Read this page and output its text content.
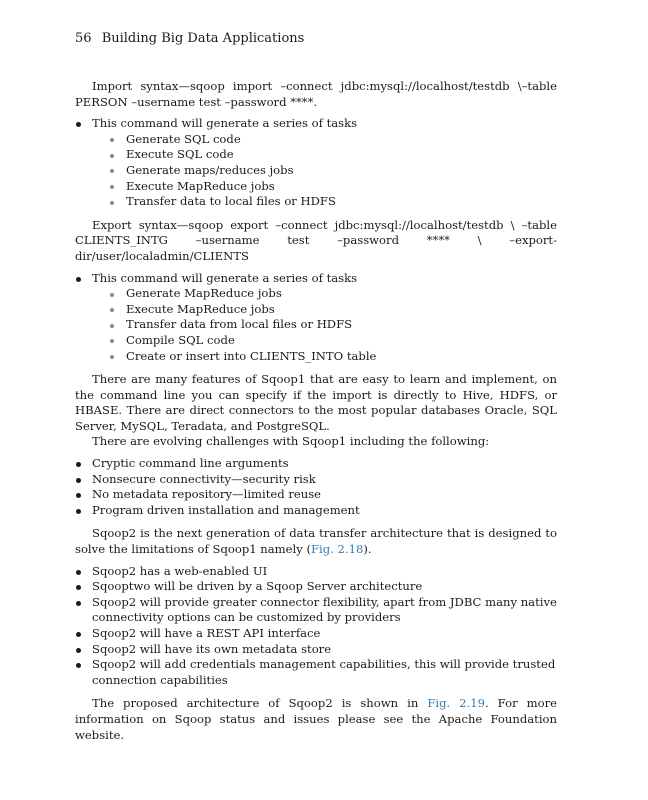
56 Building Big Data Applications

Import syntax—sqoop import –connect jdbc:mysql://localhost/testdb \–table PERSON –username test –password ****.

This command will generate a series of tasks
Generate SQL code
Execute SQL code
Generate maps/reduces jobs
Execute MapReduce jobs
Transfer data to local files or HDFS

Export syntax—sqoop export –connect jdbc:mysql://localhost/testdb \ –table CLIENTS_INTG –username test –password **** \ –export-dir/user/localadmin/CLIENTS

This command will generate a series of tasks
Generate MapReduce jobs
Execute MapReduce jobs
Transfer data from local files or HDFS
Compile SQL code
Create or insert into CLIENTS_INTO table

There are many features of Sqoop1 that are easy to learn and implement, on the command line you can specify if the import is directly to Hive, HDFS, or HBASE. There are direct connectors to the most popular databases Oracle, SQL Server, MySQL, Teradata, and PostgreSQL.

There are evolving challenges with Sqoop1 including the following:

Cryptic command line arguments
Nonsecure connectivity—security risk
No metadata repository—limited reuse
Program driven installation and management

Sqoop2 is the next generation of data transfer architecture that is designed to solve the limitations of Sqoop1 namely (Fig. 2.18).

Sqoop2 has a web-enabled UI
Sqooptwo will be driven by a Sqoop Server architecture
Sqoop2 will provide greater connector flexibility, apart from JDBC many native connectivity options can be customized by providers
Sqoop2 will have a REST API interface
Sqoop2 will have its own metadata store
Sqoop2 will add credentials management capabilities, this will provide trusted connection capabilities

The proposed architecture of Sqoop2 is shown in Fig. 2.19. For more information on Sqoop status and issues please see the Apache Foundation website.
